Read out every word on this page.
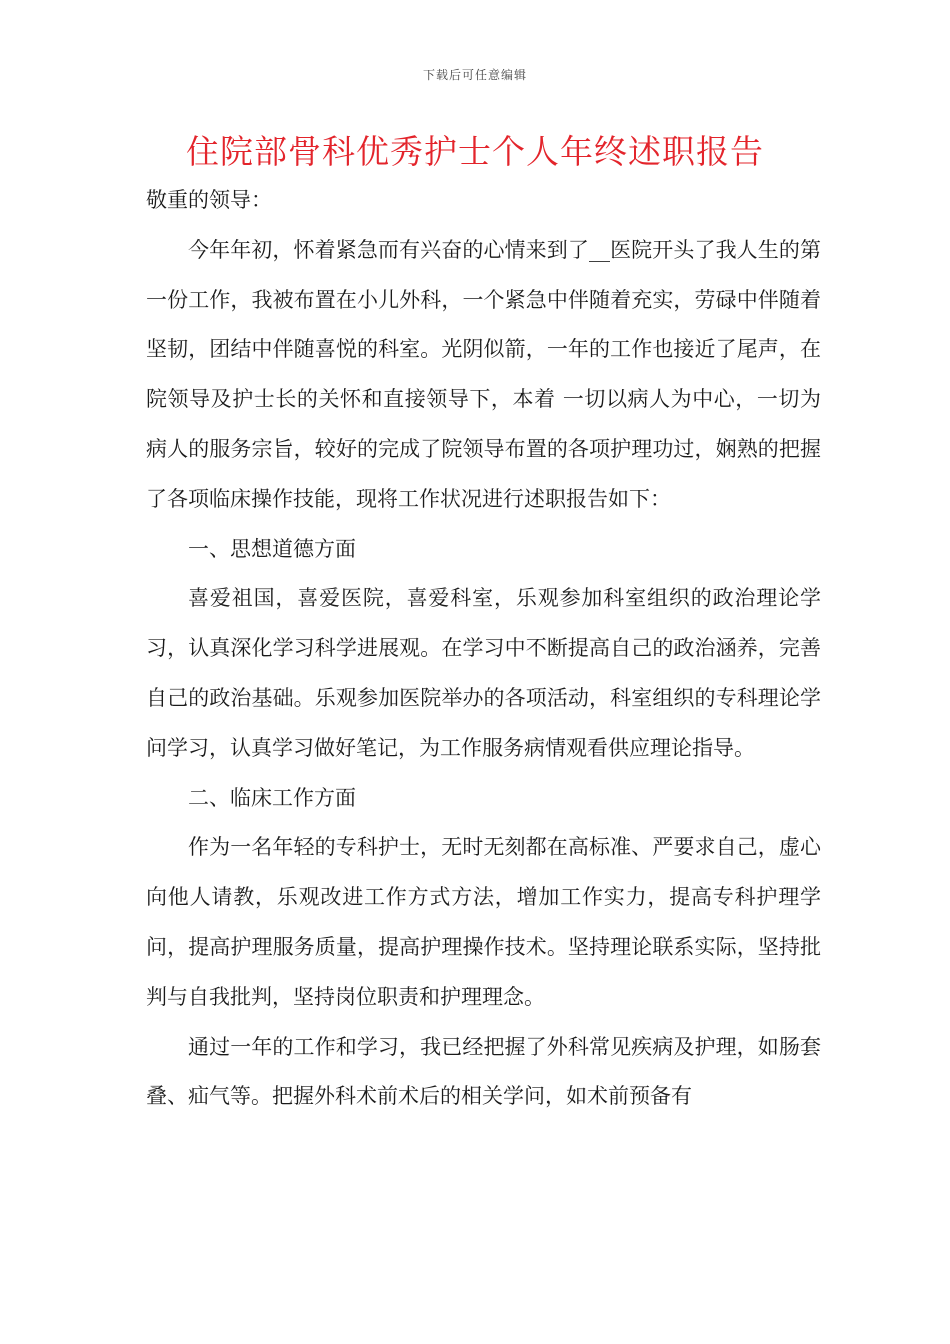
下载后可任意编辑
住院部骨科优秀护士个人年终述职报告

敬重的领导：

今年年初，怀着紧急而有兴奋的心情来到了__医院开头了我人生的第一份工作，我被布置在小儿外科，一个紧急中伴随着充实，劳碌中伴随着坚韧，团结中伴随喜悦的科室。光阴似箭，一年的工作也接近了尾声，在院领导及护士长的关怀和直接领导下，本着 一切以病人为中心，一切为病人的服务宗旨，较好的完成了院领导布置的各项护理功过，娴熟的把握了各项临床操作技能，现将工作状况进行述职报告如下：

一、思想道德方面

喜爱祖国，喜爱医院，喜爱科室，乐观参加科室组织的政治理论学习，认真深化学习科学进展观。在学习中不断提高自己的政治涵养，完善自己的政治基础。乐观参加医院举办的各项活动，科室组织的专科理论学问学习，认真学习做好笔记，为工作服务病情观看供应理论指导。

二、临床工作方面

作为一名年轻的专科护士，无时无刻都在高标准、严要求自己，虚心向他人请教，乐观改进工作方式方法，增加工作实力，提高专科护理学问，提高护理服务质量，提高护理操作技术。坚持理论联系实际，坚持批判与自我批判，坚持岗位职责和护理理念。

通过一年的工作和学习，我已经把握了外科常见疾病及护理，如肠套叠、疝气等。把握外科术前术后的相关学问，如术前预备有
